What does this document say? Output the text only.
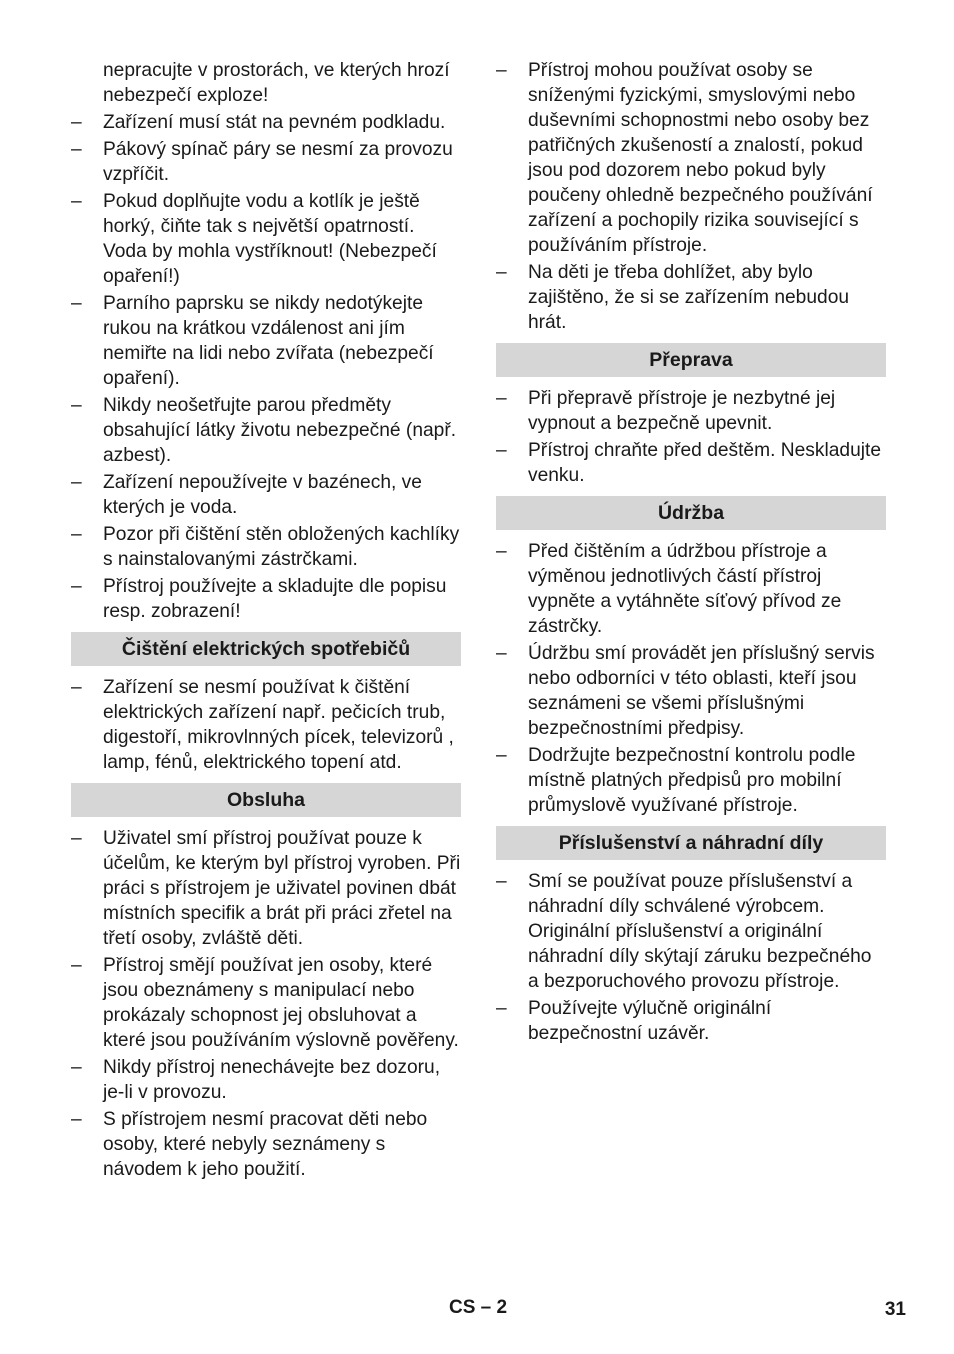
nepracujte v prostorách, ve kterých hrozí nebezpečí exploze!
–	Zařízení musí stát na pevném podkladu.
–	Pákový spínač páry se nesmí za provozu vzpříčit.
–	Pokud doplňujte vodu a kotlík je ještě horký, čiňte tak s největší opatrností. Voda by mohla vystříknout! (Nebezpečí opaření!)
–	Parního paprsku se nikdy nedotýkejte rukou na krátkou vzdálenost ani jím nemiřte na lidi nebo zvířata (nebezpečí opaření).
–	Nikdy neošetřujte parou předměty obsahující látky životu nebezpečné (např. azbest).
–	Zařízení nepoužívejte v bazénech, ve kterých je voda.
–	Pozor při čištění stěn obložených kachlíky s nainstalovanými zástrčkami.
–	Přístroj používejte a skladujte dle popisu resp. zobrazení!
Čištění elektrických spotřebičů
–	Zařízení se nesmí používat k čištění elektrických zařízení např. pečicích trub, digestoří, mikrovlnných pícek, televizorů , lamp, fénů, elektrického topení atd.
Obsluha
–	Uživatel smí přístroj používat pouze k účelům, ke kterým byl přístroj vyroben. Při práci s přístrojem je uživatel povinen dbát místních specifik a brát při práci zřetel na třetí osoby, zvláště děti.
–	Přístroj smějí používat jen osoby, které jsou obeznámeny s manipulací nebo prokázaly schopnost jej obsluhovat a které jsou používáním výslovně pověřeny.
–	Nikdy přístroj nenechávejte bez dozoru, je-li v provozu.
–	S přístrojem nesmí pracovat děti nebo osoby, které nebyly seznámeny s návodem k jeho použití.
–	Přístroj mohou používat osoby se sníženými fyzickými, smyslovými nebo duševními schopnostmi nebo osoby bez patřičných zkušeností a znalostí, pokud jsou pod dozorem nebo pokud byly poučeny ohledně bezpečného používání zařízení a pochopily rizika související s používáním přístroje.
–	Na děti je třeba dohlížet, aby bylo zajištěno, že si se zařízením nebudou hrát.
Přeprava
–	Při přepravě přístroje je nezbytné jej vypnout a bezpečně upevnit.
–	Přístroj chraňte před deštěm. Neskladujte venku.
Údržba
–	Před čištěním a údržbou přístroje a výměnou jednotlivých částí přístroj vypněte a vytáhněte síťový přívod ze zástrčky.
–	Údržbu smí provádět jen příslušný servis nebo odborníci v této oblasti, kteří jsou seznámeni se všemi příslušnými bezpečnostními předpisy.
–	Dodržujte bezpečnostní kontrolu podle místně platných předpisů pro mobilní průmyslově využívané přístroje.
Příslušenství a náhradní díly
–	Smí se používat pouze příslušenství a náhradní díly schválené výrobcem. Originální příslušenství a originální náhradní díly skýtají záruku bezpečného a bezporuchového provozu přístroje.
–	Používejte výlučně originální bezpečnostní uzávěr.
CS – 2	31
